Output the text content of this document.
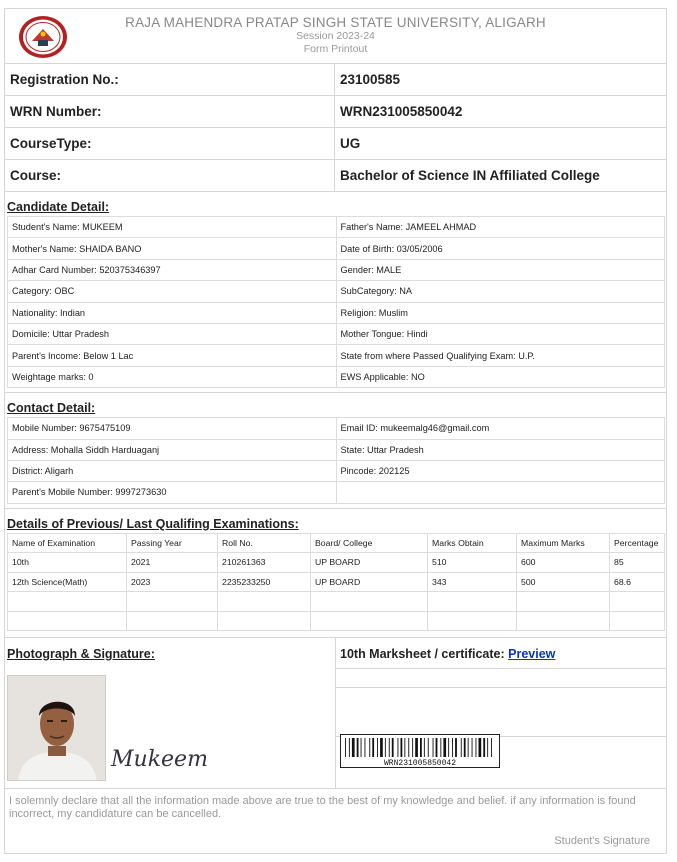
RAJA MAHENDRA PRATAP SINGH STATE UNIVERSITY, ALIGARH
Session 2023-24
Form Printout
Registration No.:	23100585
WRN Number:	WRN231005850042
CourseType:	UG
Course:	Bachelor of Science IN Affiliated College
Candidate Detail:
Student's Name: MUKEEM	Father's Name: JAMEEL AHMAD
Mother's Name: SHAIDA BANO	Date of Birth: 03/05/2006
Adhar Card Number: 520375346397	Gender: MALE
Category: OBC	SubCategory: NA
Nationality: Indian	Religion: Muslim
Domicile: Uttar Pradesh	Mother Tongue: Hindi
Parent's Income: Below 1 Lac	State from where Passed Qualifying Exam: U.P.
Weightage marks: 0	EWS Applicable: NO
Contact Detail:
Mobile Number: 9675475109	Email ID: mukeemalg46@gmail.com
Address: Mohalla Siddh Harduaganj	State: Uttar Pradesh
District: Aligarh	Pincode: 202125
Parent's Mobile Number: 9997273630	
Details of Previous/ Last Qualifing Examinations:
Name of Examination	Passing Year	Roll No.	Board/ College	Marks Obtain	Maximum Marks	Percentage
10th	2021	210261363	UP BOARD	510	600	85
12th Science(Math)	2023	2235233250	UP BOARD	343	500	68.6

Photograph & Signature:
Mukeem
10th Marksheet / certificate: Preview
WRN231005850042
I solemnly declare that all the information made above are true to the best of my knowledge and belief. if any information is found incorrect, my candidature can be cancelled.
Student's Signature
